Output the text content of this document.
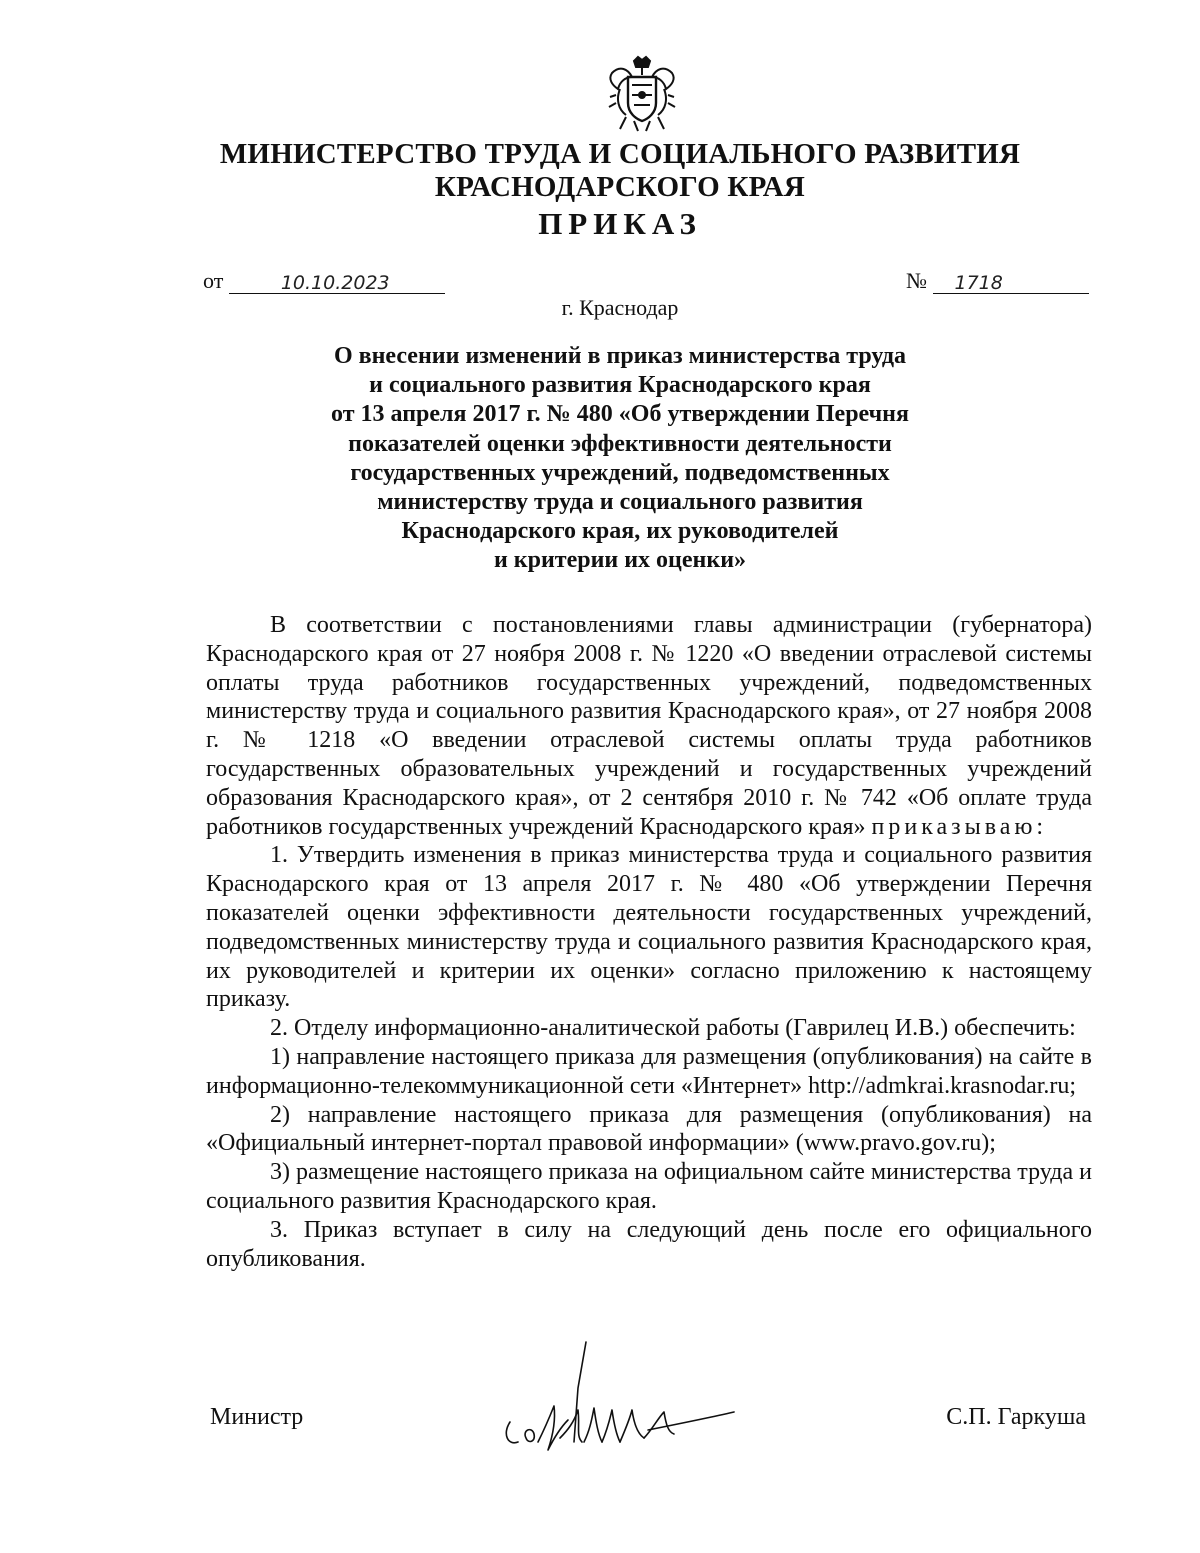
МИНИСТЕРСТВО ТРУДА И СОЦИАЛЬНОГО РАЗВИТИЯ
КРАСНОДАРСКОГО КРАЯ
ПРИКАЗ
от	10.10.2023	№ 1718
г. Краснодар
О внесении изменений в приказ министерства труда
и социального развития Краснодарского края
от 13 апреля 2017 г. № 480 «Об утверждении Перечня
показателей оценки эффективности деятельности
государственных учреждений, подведомственных
министерству труда и социального развития
Краснодарского края, их руководителей
и критерии их оценки»

В соответствии с постановлениями главы администрации (губернатора) Краснодарского края от 27 ноября 2008 г. № 1220 «О введении отраслевой системы оплаты труда работников государственных учреждений, подведомственных министерству труда и социального развития Краснодарского края», от 27 ноября 2008 г. № 1218 «О введении отраслевой системы оплаты труда работников государственных образовательных учреждений и государственных учреждений образования Краснодарского края», от 2 сентября 2010 г. № 742 «Об оплате труда работников государственных учреждений Краснодарского края» приказываю:

1. Утвердить изменения в приказ министерства труда и социального развития Краснодарского края от 13 апреля 2017 г. № 480 «Об утверждении Перечня показателей оценки эффективности деятельности государственных учреждений, подведомственных министерству труда и социального развития Краснодарского края, их руководителей и критерии их оценки» согласно приложению к настоящему приказу.

2. Отделу информационно-аналитической работы (Гаврилец И.В.) обеспечить:

1) направление настоящего приказа для размещения (опубликования) на сайте в информационно-телекоммуникационной сети «Интернет» http://admkrai.krasnodar.ru;

2) направление настоящего приказа для размещения (опубликования) на «Официальный интернет-портал правовой информации» (www.pravo.gov.ru);

3) размещение настоящего приказа на официальном сайте министерства труда и социального развития Краснодарского края.

3. Приказ вступает в силу на следующий день после его официального опубликования.

Министр	С.П. Гаркуша
